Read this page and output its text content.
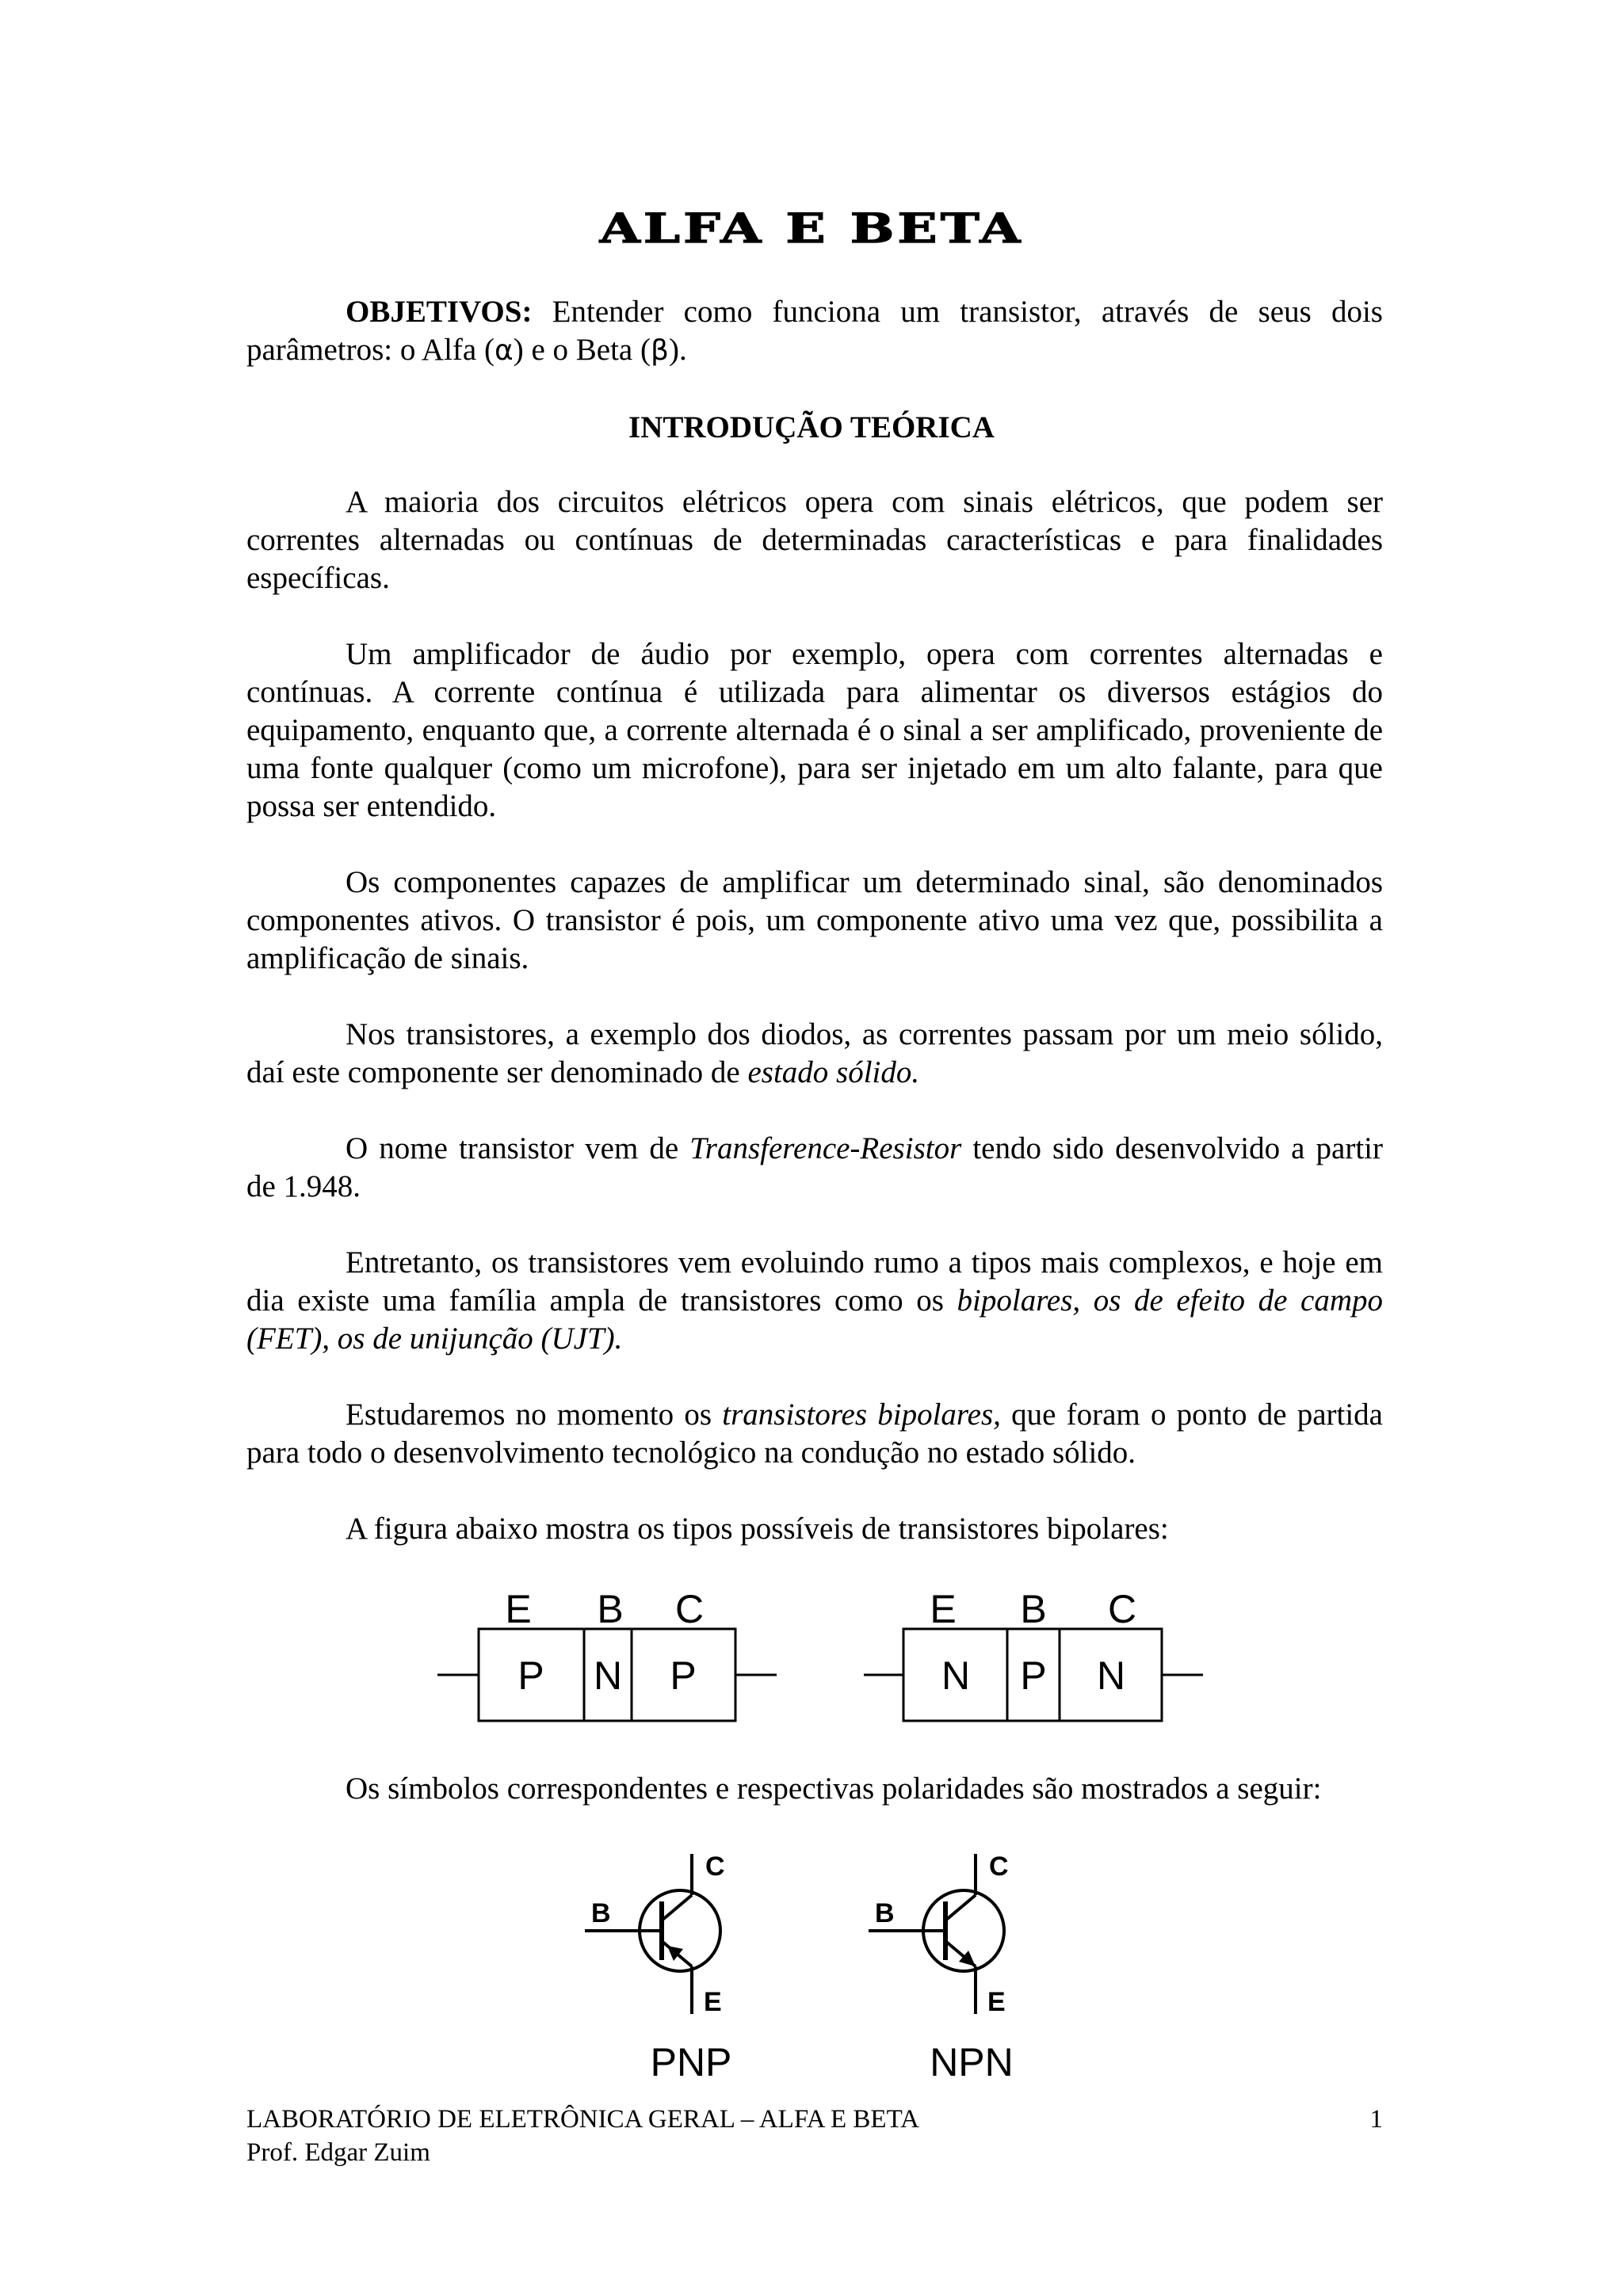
ALFA E BETA

OBJETIVOS: Entender como funciona um transistor, através de seus dois parâmetros: o Alfa (α) e o Beta (β).

INTRODUÇÃO TEÓRICA

A maioria dos circuitos elétricos opera com sinais elétricos, que podem ser correntes alternadas ou contínuas de determinadas características e para finalidades específicas.

Um amplificador de áudio por exemplo, opera com correntes alternadas e contínuas. A corrente contínua é utilizada para alimentar os diversos estágios do equipamento, enquanto que, a corrente alternada é o sinal a ser amplificado, proveniente de uma fonte qualquer (como um microfone), para ser injetado em um alto falante, para que possa ser entendido.

Os componentes capazes de amplificar um determinado sinal, são denominados componentes ativos. O transistor é pois, um componente ativo uma vez que, possibilita a amplificação de sinais.

Nos transistores, a exemplo dos diodos, as correntes passam por um meio sólido, daí este componente ser denominado de estado sólido.

O nome transistor vem de Transference-Resistor tendo sido desenvolvido a partir de 1.948.

Entretanto, os transistores vem evoluindo rumo a tipos mais complexos, e hoje em dia existe uma família ampla de transistores como os bipolares, os de efeito de campo (FET), os de unijunção (UJT).

Estudaremos no momento os transistores bipolares, que foram o ponto de partida para todo o desenvolvimento tecnológico na condução no estado sólido.

A figura abaixo mostra os tipos possíveis de transistores bipolares:

E B C
P N P
E B C
N P N

Os símbolos correspondentes e respectivas polaridades são mostrados a seguir:

C
B
E
PNP
C
B
E
NPN
LABORATÓRIO DE ELETRÔNICA GERAL – ALFA E BETA
Prof. Edgar Zuim
1
